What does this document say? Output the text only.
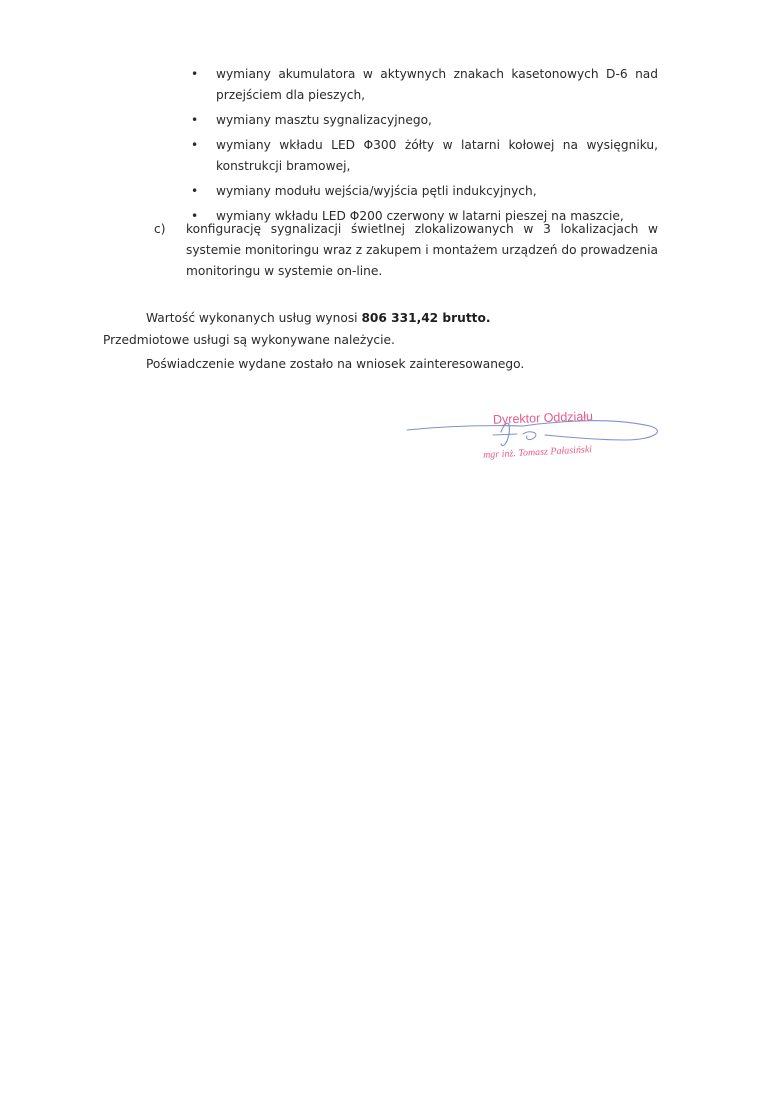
• wymiany akumulatora w aktywnych znakach kasetonowych D-6 nad przejściem dla pieszych,
• wymiany masztu sygnalizacyjnego,
• wymiany wkładu LED Φ300 żółty w latarni kołowej na wysięgniku, konstrukcji bramowej,
• wymiany modułu wejścia/wyjścia pętli indukcyjnych,
• wymiany wkładu LED Φ200 czerwony w latarni pieszej na maszcie,
c) konfigurację sygnalizacji świetlnej zlokalizowanych w 3 lokalizacjach w systemie monitoringu wraz z zakupem i montażem urządzeń do prowadzenia monitoringu w systemie on-line.
Wartość wykonanych usług wynosi 806 331,42 brutto.
Przedmiotowe usługi są wykonywane należycie.
Poświadczenie wydane zostało na wniosek zainteresowanego.
Dyrektor Oddziału
mgr inż. Tomasz Pałasiński
